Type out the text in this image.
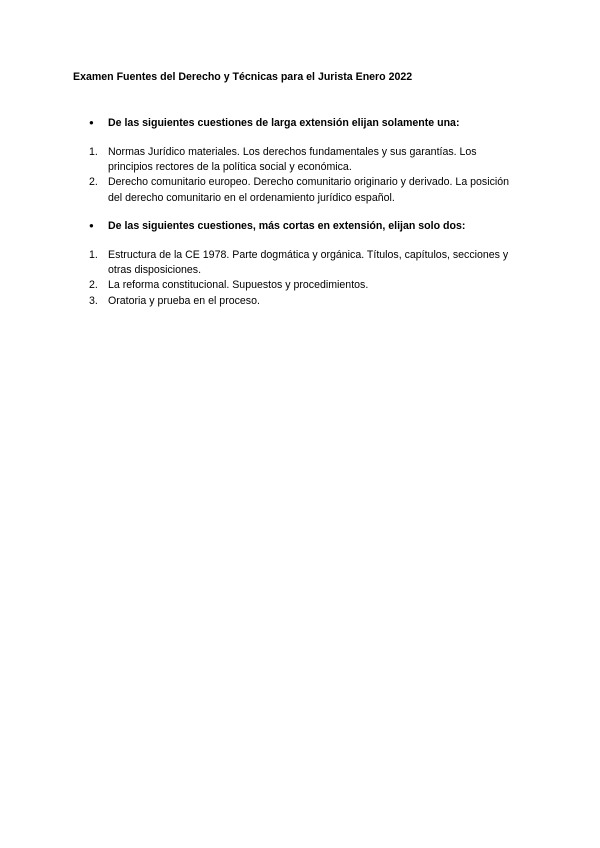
Examen Fuentes del Derecho y Técnicas para el Jurista Enero 2022
● De las siguientes cuestiones de larga extensión elijan solamente una:
1. Normas Jurídico materiales. Los derechos fundamentales y sus garantías. Los principios rectores de la política social y económica.
2. Derecho comunitario europeo. Derecho comunitario originario y derivado. La posición del derecho comunitario en el ordenamiento jurídico español.
● De las siguientes cuestiones, más cortas en extensión, elijan solo dos:
1. Estructura de la CE 1978. Parte dogmática y orgánica. Títulos, capítulos, secciones y otras disposiciones.
2. La reforma constitucional. Supuestos y procedimientos.
3. Oratoria y prueba en el proceso.
